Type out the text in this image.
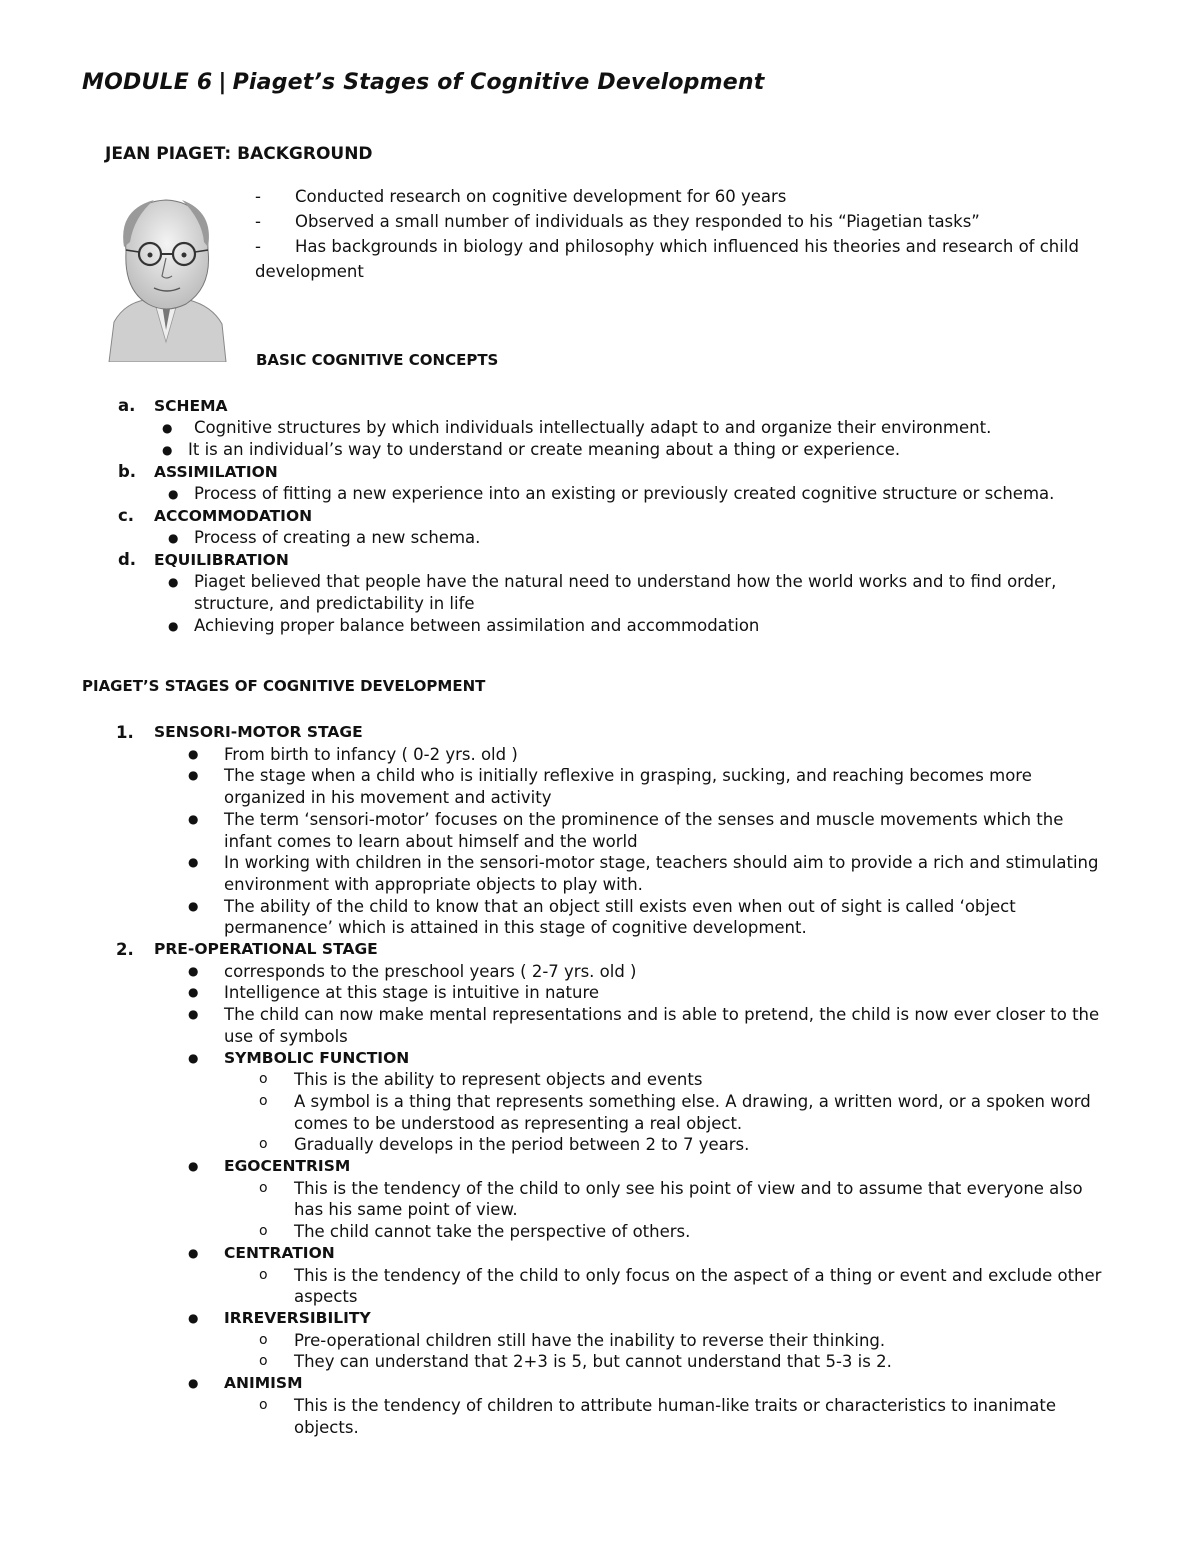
MODULE 6 | Piaget’s Stages of Cognitive Development
JEAN PIAGET: BACKGROUND
- Conducted research on cognitive development for 60 years
- Observed a small number of individuals as they responded to his “Piagetian tasks”
- Has backgrounds in biology and philosophy which influenced his theories and research of child development
BASIC COGNITIVE CONCEPTS
a.	SCHEMA
● Cognitive structures by which individuals intellectually adapt to and organize their environment.
● It is an individual’s way to understand or create meaning about a thing or experience.
b.	ASSIMILATION
● Process of fitting a new experience into an existing or previously created cognitive structure or schema.
c.	ACCOMMODATION
● Process of creating a new schema.
d.	EQUILIBRATION
● Piaget believed that people have the natural need to understand how the world works and to find order, structure, and predictability in life
● Achieving proper balance between assimilation and accommodation
PIAGET’S STAGES OF COGNITIVE DEVELOPMENT
1. SENSORI-MOTOR STAGE
● From birth to infancy ( 0-2 yrs. old )
● The stage when a child who is initially reflexive in grasping, sucking, and reaching becomes more organized in his movement and activity
● The term ‘sensori-motor’ focuses on the prominence of the senses and muscle movements which the infant comes to learn about himself and the world
● In working with children in the sensori-motor stage, teachers should aim to provide a rich and stimulating environment with appropriate objects to play with.
● The ability of the child to know that an object still exists even when out of sight is called ‘object permanence’ which is attained in this stage of cognitive development.
2. PRE-OPERATIONAL STAGE
● corresponds to the preschool years ( 2-7 yrs. old )
● Intelligence at this stage is intuitive in nature
● The child can now make mental representations and is able to pretend, the child is now ever closer to the use of symbols
● SYMBOLIC FUNCTION
o This is the ability to represent objects and events
o A symbol is a thing that represents something else. A drawing, a written word, or a spoken word comes to be understood as representing a real object.
o Gradually develops in the period between 2 to 7 years.
● EGOCENTRISM
o This is the tendency of the child to only see his point of view and to assume that everyone also has his same point of view.
o The child cannot take the perspective of others.
● CENTRATION
o This is the tendency of the child to only focus on the aspect of a thing or event and exclude other aspects
● IRREVERSIBILITY
o Pre-operational children still have the inability to reverse their thinking.
o They can understand that 2+3 is 5, but cannot understand that 5-3 is 2.
● ANIMISM
o This is the tendency of children to attribute human-like traits or characteristics to inanimate objects.
